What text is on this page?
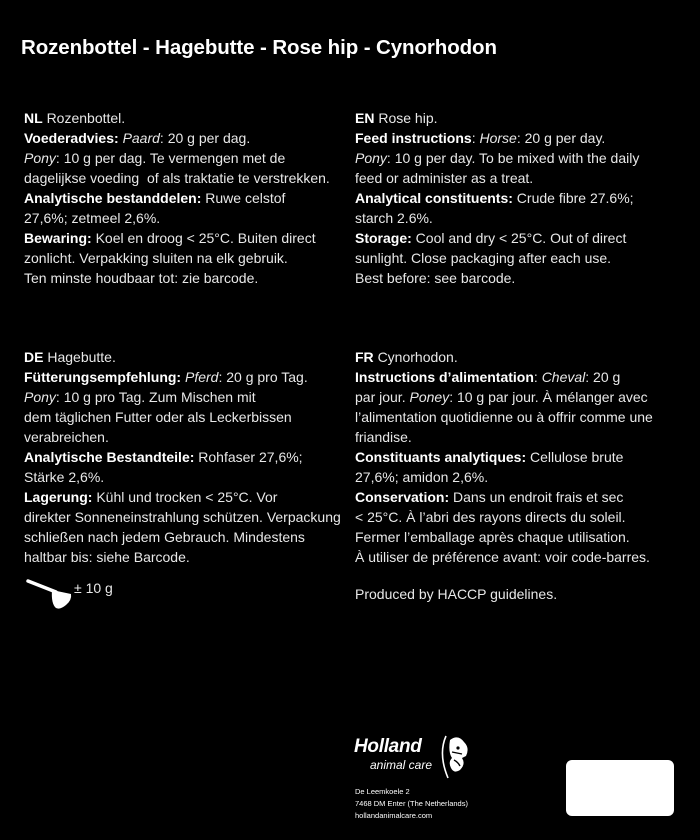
Rozenbottel - Hagebutte - Rose hip - Cynorhodon
NL Rozenbottel.
Voederadvies: Paard: 20 g per dag.
Pony: 10 g per dag. Te vermengen met de
dagelijkse voeding  of als traktatie te verstrekken.
Analytische bestanddelen: Ruwe celstof
27,6%; zetmeel 2,6%.
Bewaring: Koel en droog < 25°C. Buiten direct
zonlicht. Verpakking sluiten na elk gebruik.
Ten minste houdbaar tot: zie barcode.
EN Rose hip.
Feed instructions: Horse: 20 g per day.
Pony: 10 g per day. To be mixed with the daily
feed or administer as a treat.
Analytical constituents: Crude fibre 27.6%;
starch 2.6%.
Storage: Cool and dry < 25°C. Out of direct
sunlight. Close packaging after each use.
Best before: see barcode.
DE Hagebutte.
Fütterungsempfehlung: Pferd: 20 g pro Tag.
Pony: 10 g pro Tag. Zum Mischen mit
dem täglichen Futter oder als Leckerbissen
verabreichen.
Analytische Bestandteile: Rohfaser 27,6%;
Stärke 2,6%.
Lagerung: Kühl und trocken < 25°C. Vor
direkter Sonneneinstrahlung schützen. Verpackung
schließen nach jedem Gebrauch. Mindestens
haltbar bis: siehe Barcode.
FR Cynorhodon.
Instructions d’alimentation: Cheval: 20 g
par jour. Poney: 10 g par jour. À mélanger avec
l’alimentation quotidienne ou à offrir comme une
friandise.
Constituants analytiques: Cellulose brute
27,6%; amidon 2,6%.
Conservation: Dans un endroit frais et sec
< 25°C. À l’abri des rayons directs du soleil.
Fermer l’emballage après chaque utilisation.
À utiliser de préférence avant: voir code-barres.
Produced by HACCP guidelines.
± 10 g
Holland
animal care
De Leemkoele 2
7468 DM Enter (The Netherlands)
hollandanimalcare.com
